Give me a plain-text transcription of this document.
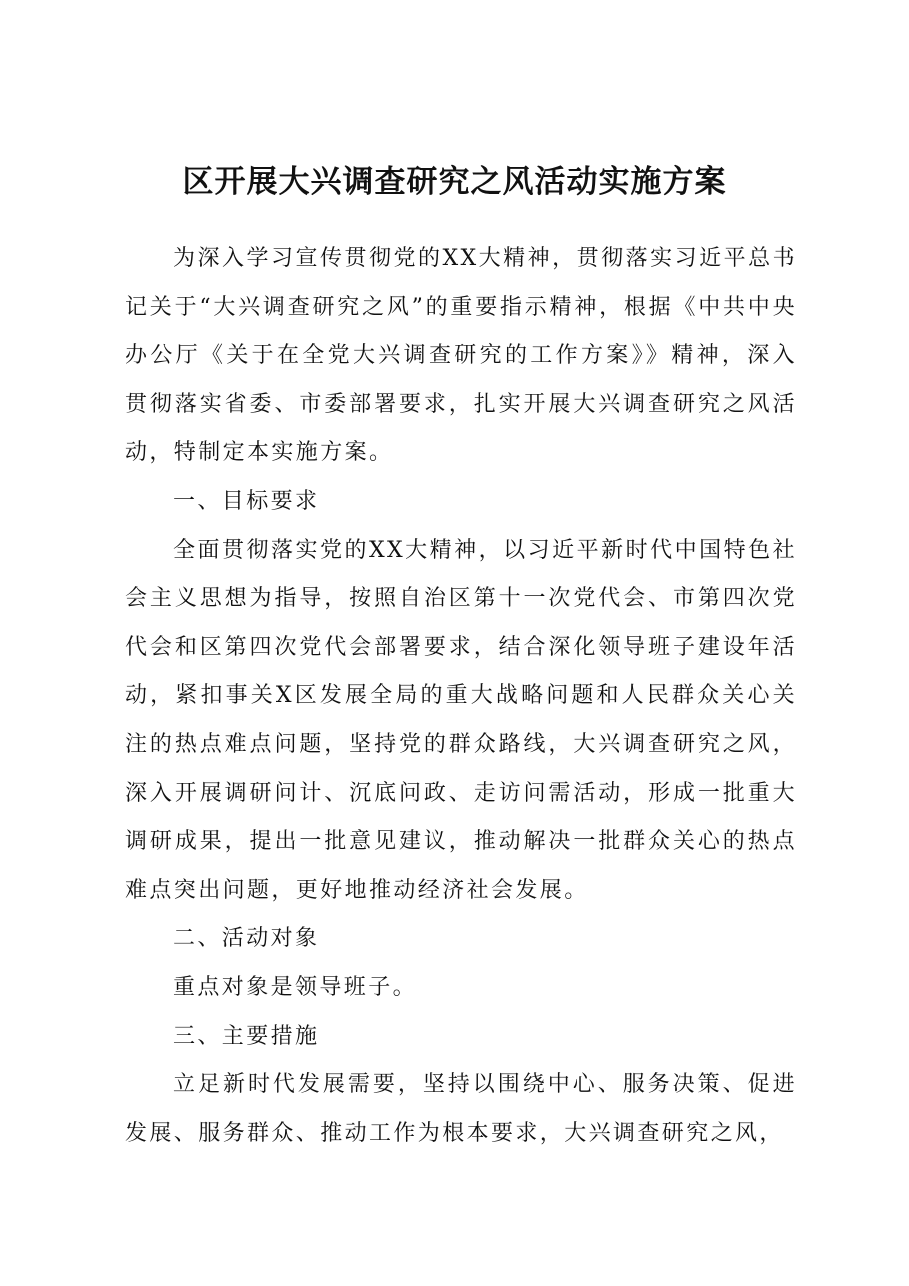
区开展大兴调查研究之风活动实施方案

为深入学习宣传贯彻党的XX大精神，贯彻落实习近平总书记关于“大兴调查研究之风”的重要指示精神，根据《中共中央办公厅《关于在全党大兴调查研究的工作方案》》精神，深入贯彻落实省委、市委部署要求，扎实开展大兴调查研究之风活动，特制定本实施方案。

一、目标要求

全面贯彻落实党的XX大精神，以习近平新时代中国特色社会主义思想为指导，按照自治区第十一次党代会、市第四次党代会和区第四次党代会部署要求，结合深化领导班子建设年活动，紧扣事关X区发展全局的重大战略问题和人民群众关心关注的热点难点问题，坚持党的群众路线，大兴调查研究之风，深入开展调研问计、沉底问政、走访问需活动，形成一批重大调研成果，提出一批意见建议，推动解决一批群众关心的热点难点突出问题，更好地推动经济社会发展。

二、活动对象

重点对象是领导班子。

三、主要措施

立足新时代发展需要，坚持以围绕中心、服务决策、促进发展、服务群众、推动工作为根本要求，大兴调查研究之风，
